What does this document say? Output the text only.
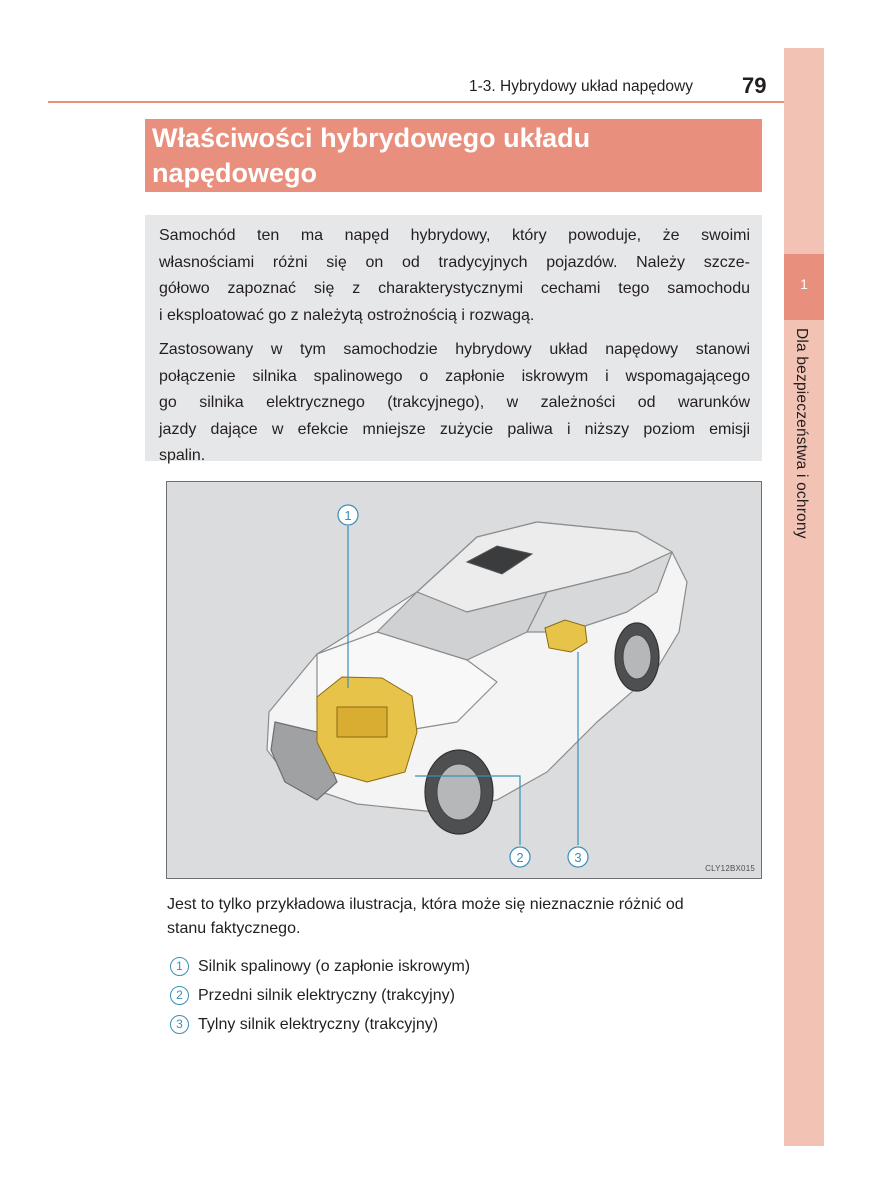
1
Dla bezpieczeństwa i ochrony
1-3. Hybrydowy układ napędowy 79
Właściwości hybrydowego układu
napędowego
Samochód ten ma napęd hybrydowy, który powoduje, że swoimi
własnościami różni się on od tradycyjnych pojazdów. Należy szcze-
gółowo zapoznać się z charakterystycznymi cechami tego samochodu
i eksploatować go z należytą ostrożnością i rozwagą.
Zastosowany w tym samochodzie hybrydowy układ napędowy stanowi
połączenie silnika spalinowego o zapłonie iskrowym i wspomagającego
go silnika elektrycznego (trakcyjnego), w zależności od warunków
jazdy dające w efekcie mniejsze zużycie paliwa i niższy poziom emisji
spalin.
1
2	3
CLY12BX015
Jest to tylko przykładowa ilustracja, która może się nieznacznie różnić od
stanu faktycznego.
1 Silnik spalinowy (o zapłonie iskrowym)
2 Przedni silnik elektryczny (trakcyjny)
3 Tylny silnik elektryczny (trakcyjny)
